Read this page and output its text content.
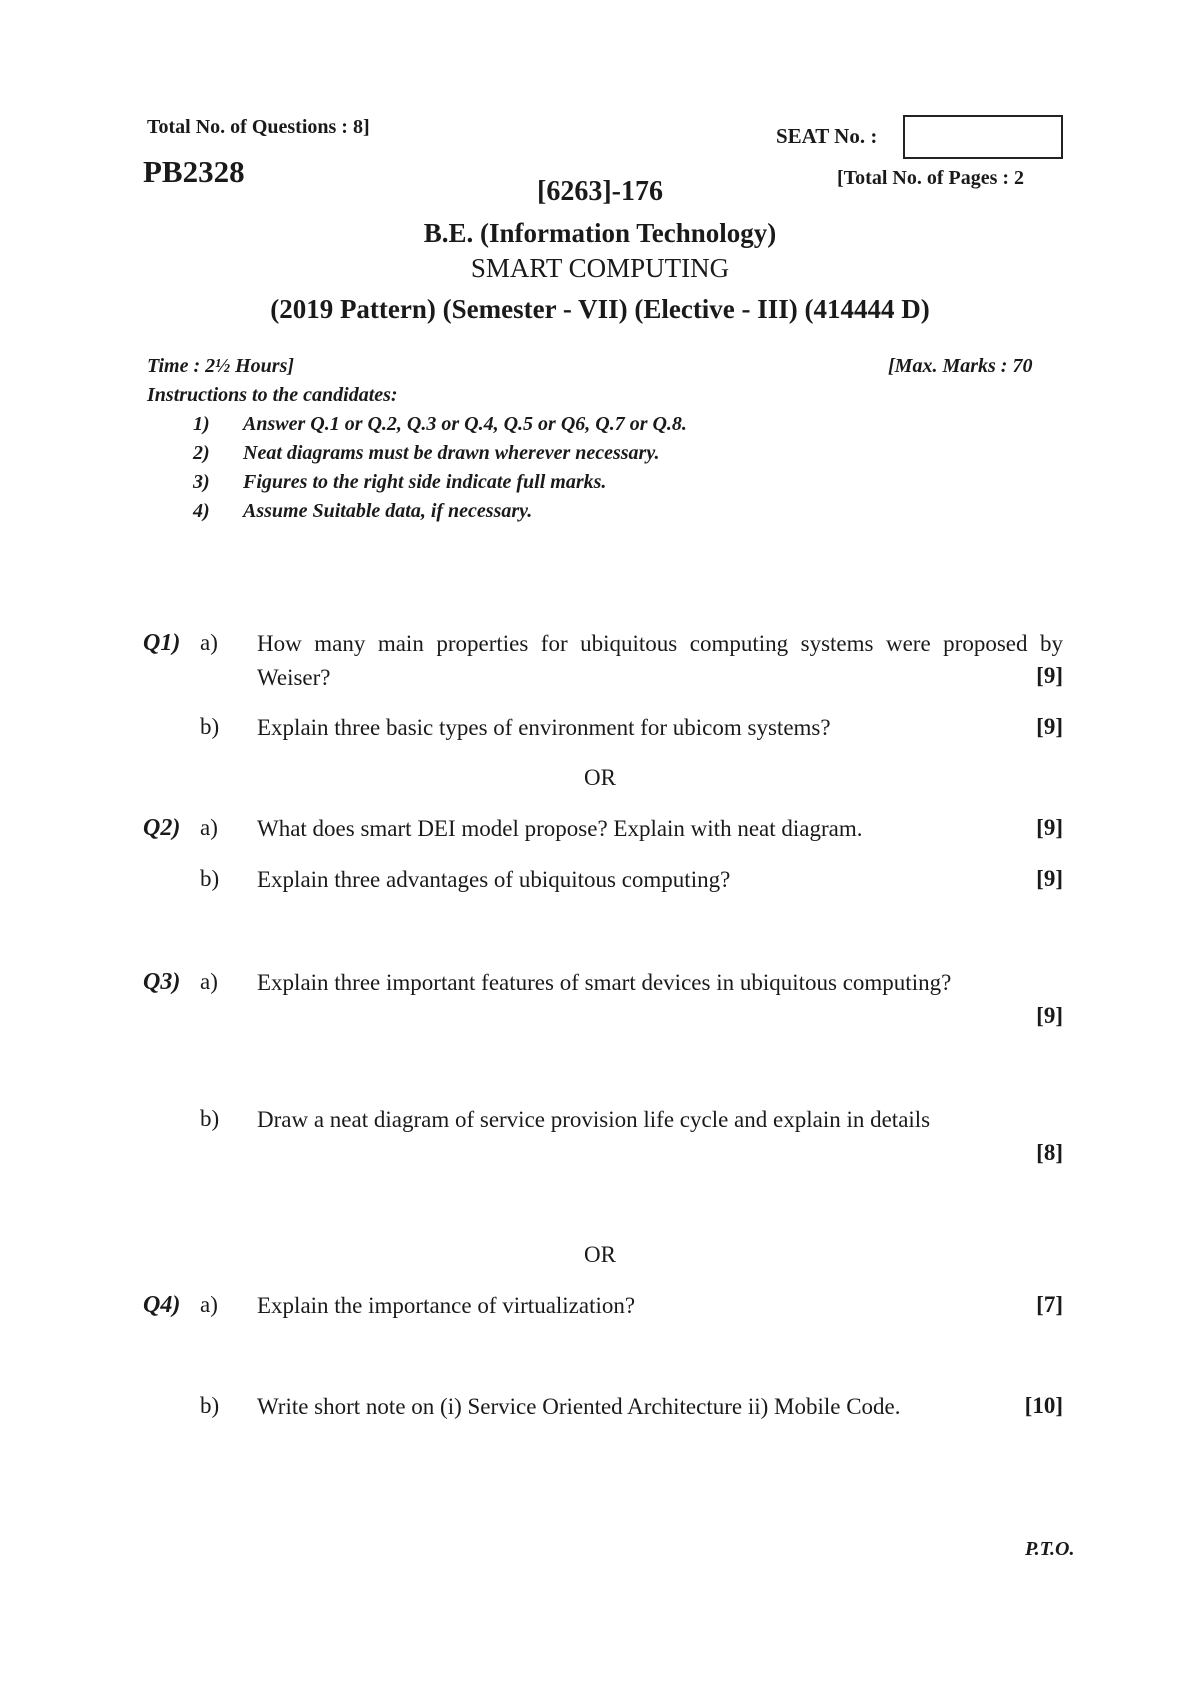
Total No. of Questions : 8]	SEAT No. :
PB2328	[Total No. of Pages : 2
[6263]-176
B.E. (Information Technology)
SMART COMPUTING
(2019 Pattern) (Semester - VII) (Elective - III) (414444 D)
Time : 2½ Hours]	[Max. Marks : 70
Instructions to the candidates:
1) Answer Q.1 or Q.2, Q.3 or Q.4, Q.5 or Q6, Q.7 or Q.8.
2) Neat diagrams must be drawn wherever necessary.
3) Figures to the right side indicate full marks.
4) Assume Suitable data, if necessary.
Q1) a) How many main properties for ubiquitous computing systems were proposed by Weiser?	[9]
b) Explain three basic types of environment for ubicom systems?	[9]
OR
Q2) a) What does smart DEI model propose? Explain with neat diagram.	[9]
b) Explain three advantages of ubiquitous computing?	[9]
Q3) a) Explain three important features of smart devices in ubiquitous computing?
[9]
b) Draw a neat diagram of service provision life cycle and explain in details
[8]
OR
Q4) a) Explain the importance of virtualization?	[7]
b) Write short note on (i) Service Oriented Architecture ii) Mobile Code.	[10]
P.T.O.
